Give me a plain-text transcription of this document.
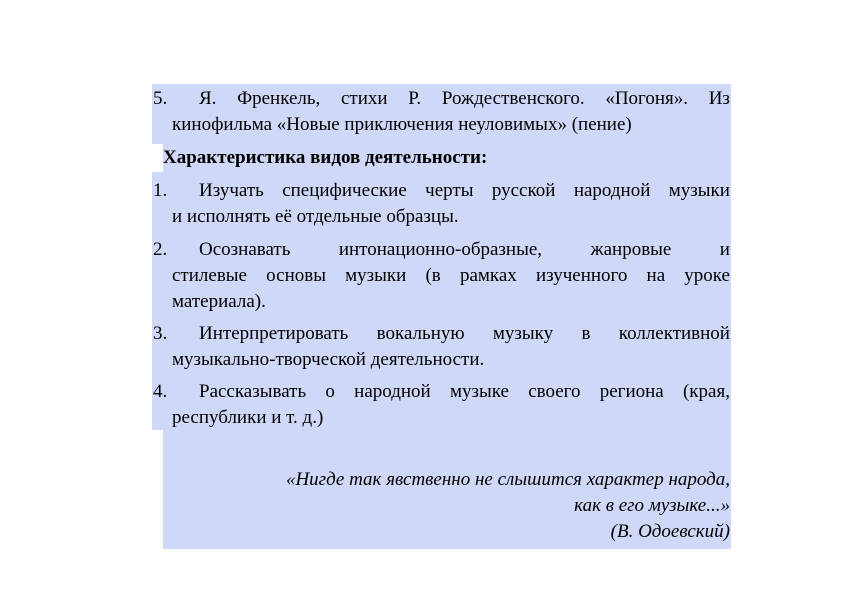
5.	Я. Френкель, стихи Р. Рождественского. «Погоня». Из
кинофильма «Новые приключения неуловимых» (пение)
Характеристика видов деятельности:
1.	Изучать специфические черты русской народной музыки
и исполнять её отдельные образцы.
2.	Осознавать	интонационно-образные,	жанровые	и
стилевые основы музыки (в рамках изученного на уроке
материала).
3.	Интерпретировать вокальную музыку в коллективной
музыкально-творческой деятельности.
4.	Рассказывать о народной музыке своего региона (края,
республики и т. д.)
«Нигде так явственно не слышится характер народа,
как в его музыке...»
(В. Одоевский)
